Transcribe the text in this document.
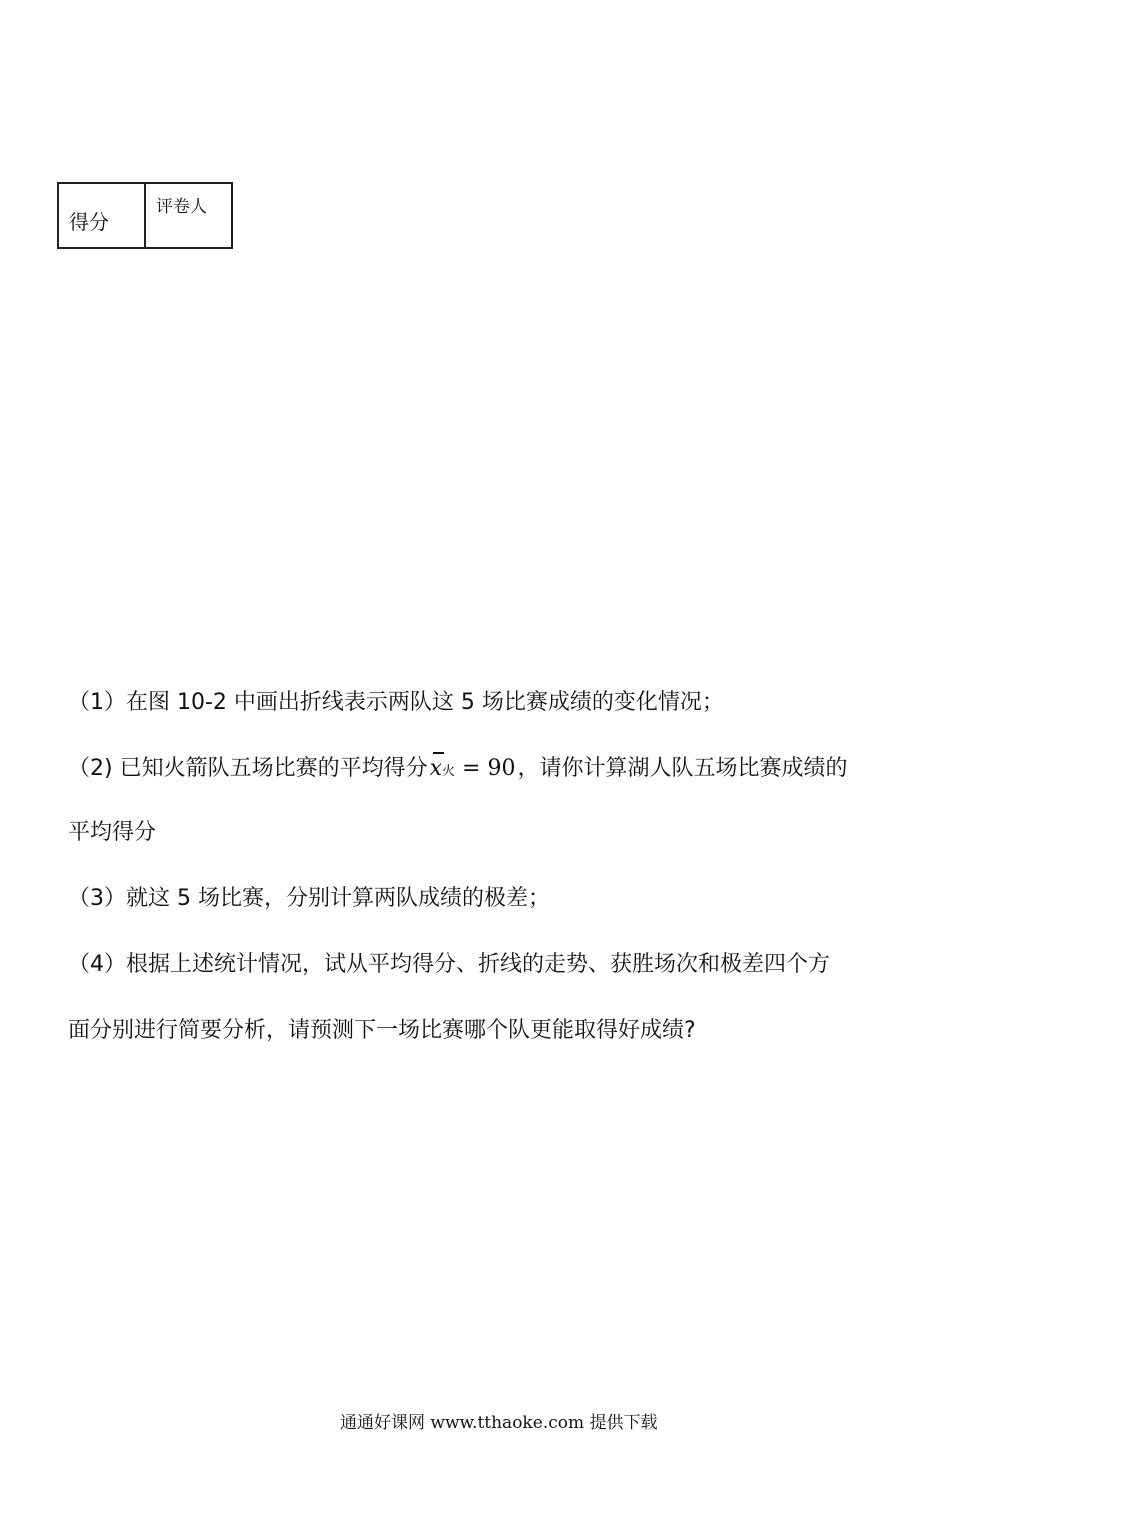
得分
评卷人
（1）在图 10-2 中画出折线表示两队这 5 场比赛成绩的变化情况；
（2) 已知火箭队五场比赛的平均得分
x火 = 90，请你计算湖人队五场比赛成绩的
平均得分
（3）就这 5 场比赛，分别计算两队成绩的极差；
（4）根据上述统计情况，试从平均得分、折线的走势、获胜场次和极差四个方
面分别进行简要分析，请预测下一场比赛哪个队更能取得好成绩?
通通好课网 www.tthaoke.com 提供下载
